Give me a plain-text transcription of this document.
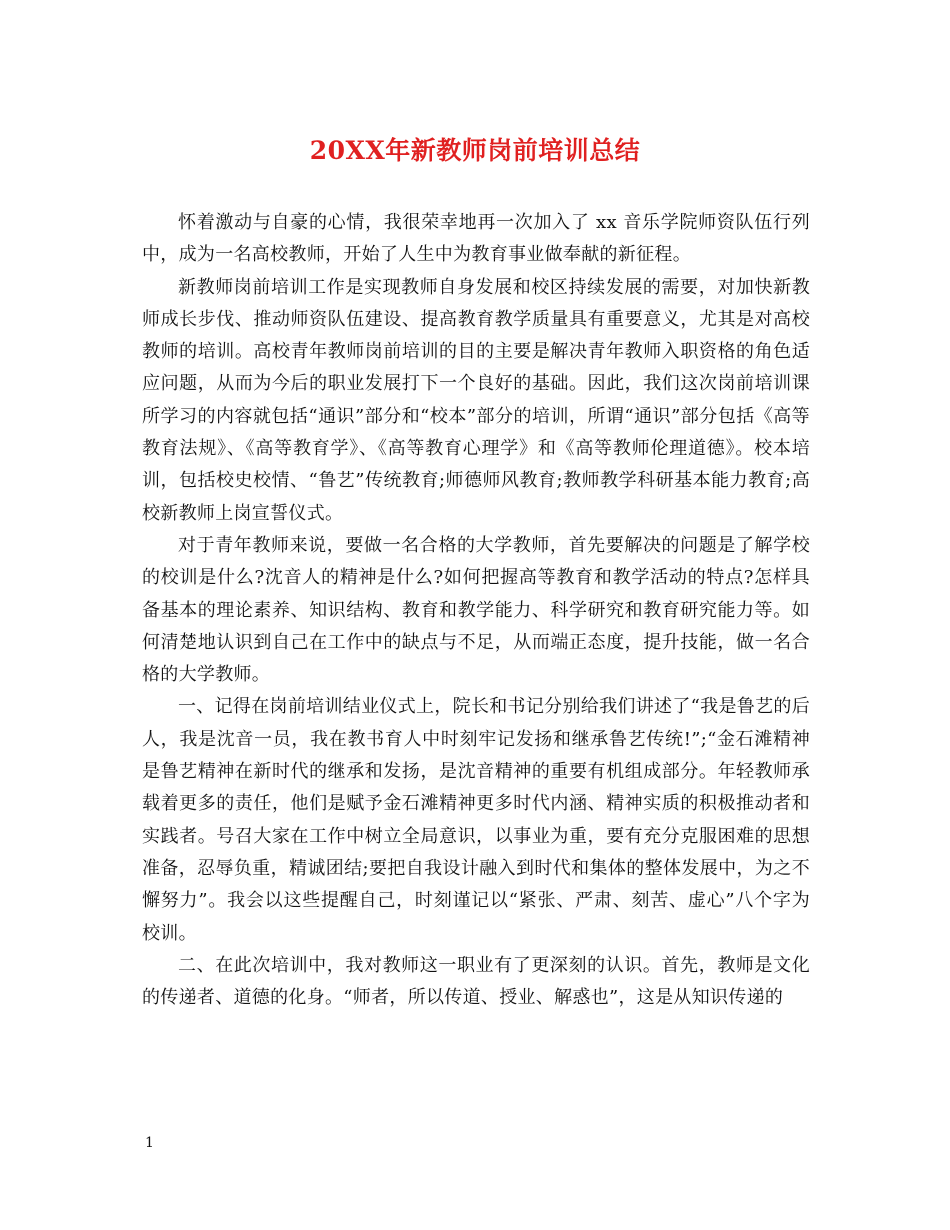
20XX年新教师岗前培训总结

怀着激动与自豪的心情，我很荣幸地再一次加入了 xx 音乐学院师资队伍行列中，成为一名高校教师，开始了人生中为教育事业做奉献的新征程。

新教师岗前培训工作是实现教师自身发展和校区持续发展的需要，对加快新教师成长步伐、推动师资队伍建设、提高教育教学质量具有重要意义，尤其是对高校教师的培训。高校青年教师岗前培训的目的主要是解决青年教师入职资格的角色适应问题，从而为今后的职业发展打下一个良好的基础。因此，我们这次岗前培训课所学习的内容就包括“通识”部分和“校本”部分的培训，所谓“通识”部分包括《高等教育法规》、《高等教育学》、《高等教育心理学》和《高等教师伦理道德》。校本培训，包括校史校情、“鲁艺”传统教育;师德师风教育;教师教学科研基本能力教育;高校新教师上岗宣誓仪式。

对于青年教师来说，要做一名合格的大学教师，首先要解决的问题是了解学校的校训是什么?沈音人的精神是什么?如何把握高等教育和教学活动的特点?怎样具备基本的理论素养、知识结构、教育和教学能力、科学研究和教育研究能力等。如何清楚地认识到自己在工作中的缺点与不足，从而端正态度，提升技能，做一名合格的大学教师。

一、记得在岗前培训结业仪式上，院长和书记分别给我们讲述了“我是鲁艺的后人，我是沈音一员，我在教书育人中时刻牢记发扬和继承鲁艺传统!”;“金石滩精神是鲁艺精神在新时代的继承和发扬，是沈音精神的重要有机组成部分。年轻教师承载着更多的责任，他们是赋予金石滩精神更多时代内涵、精神实质的积极推动者和实践者。号召大家在工作中树立全局意识，以事业为重，要有充分克服困难的思想准备，忍辱负重，精诚团结;要把自我设计融入到时代和集体的整体发展中，为之不懈努力”。我会以这些提醒自己，时刻谨记以“紧张、严肃、刻苦、虚心”八个字为校训。

二、在此次培训中，我对教师这一职业有了更深刻的认识。首先，教师是文化的传递者、道德的化身。“师者，所以传道、授业、解惑也”，这是从知识传递的

1
